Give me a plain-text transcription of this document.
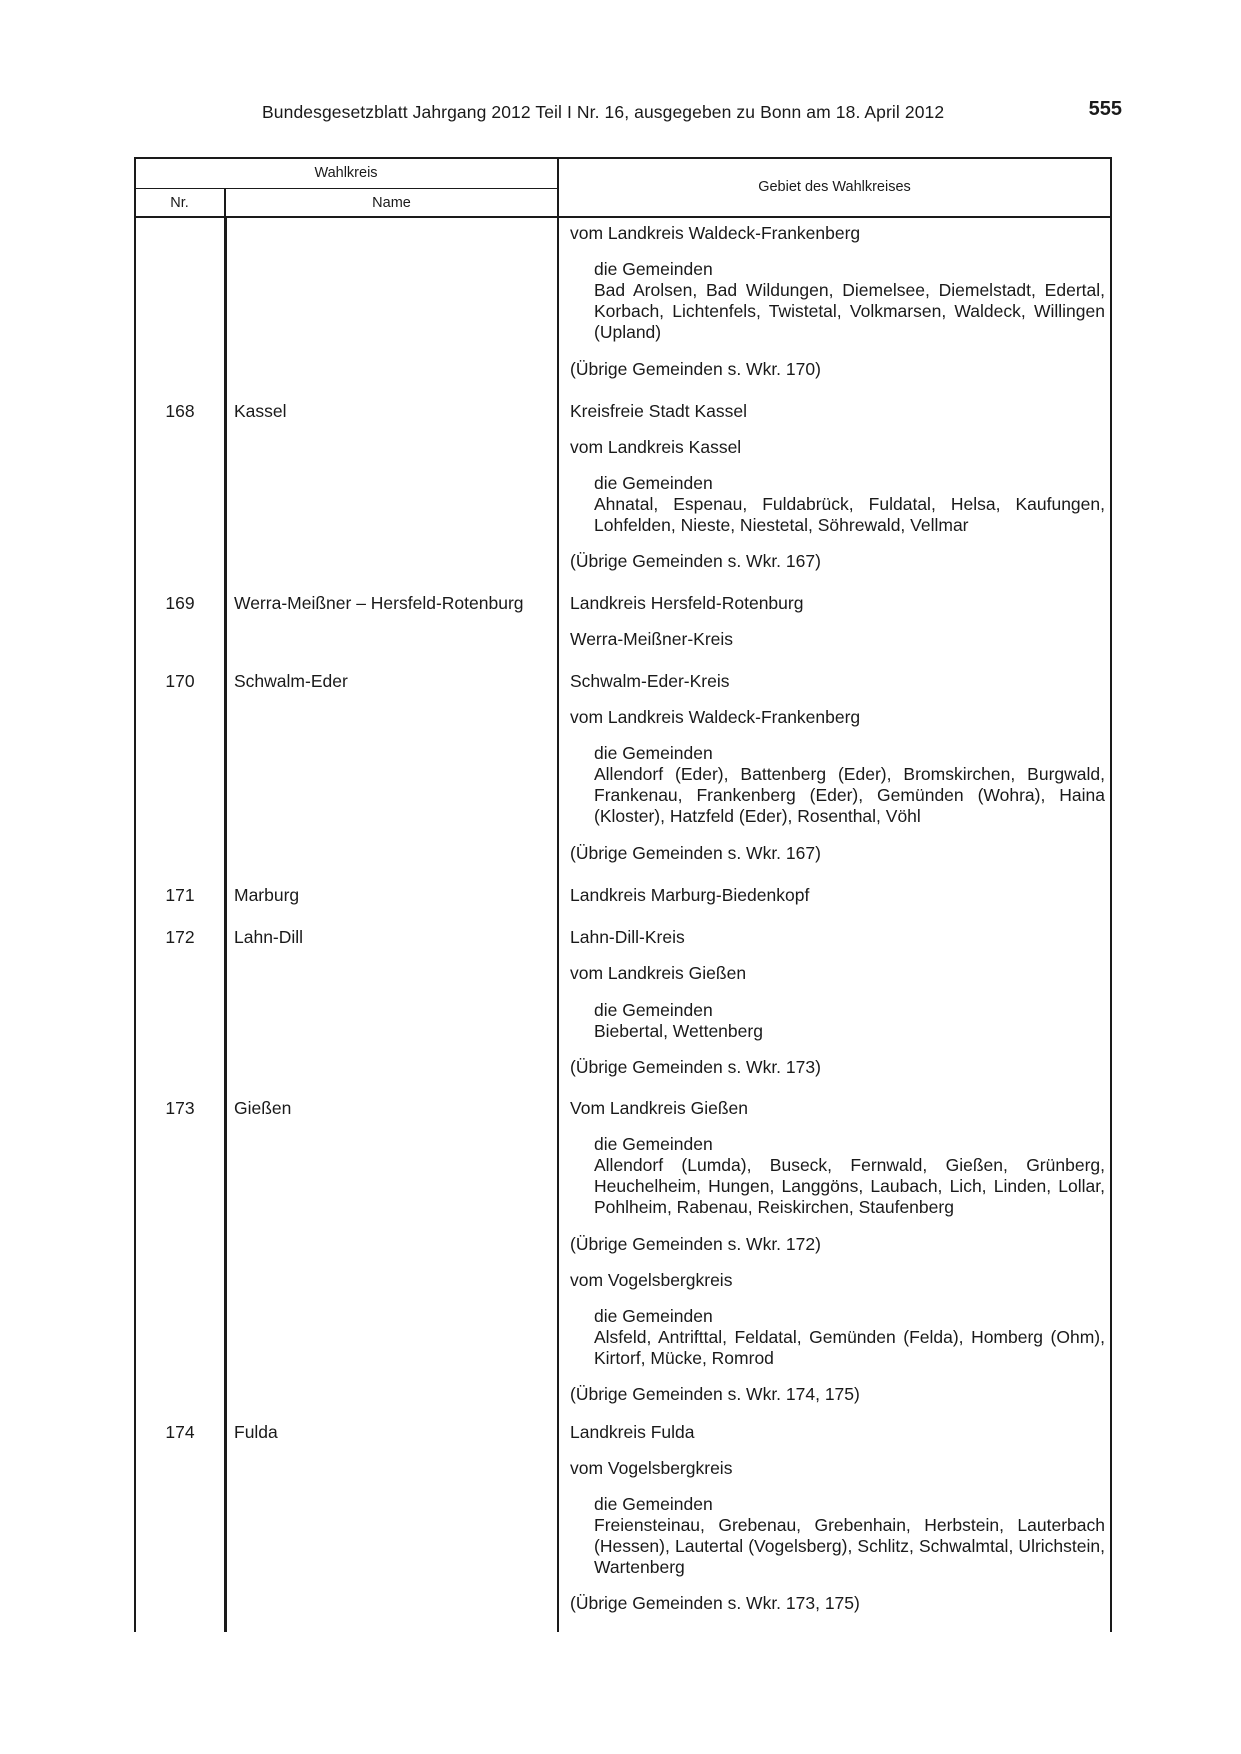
Bundesgesetzblatt Jahrgang 2012 Teil I Nr. 16, ausgegeben zu Bonn am 18. April 2012	555
Wahlkreis
Nr.	Name
Gebiet des Wahlkreises
vom Landkreis Waldeck-Frankenberg
die Gemeinden
Bad Arolsen, Bad Wildungen, Diemelsee, Diemelstadt, Edertal, Korbach, Lichtenfels, Twistetal, Volkmarsen, Waldeck, Willingen (Upland)
(Übrige Gemeinden s. Wkr. 170)
168	Kassel	Kreisfreie Stadt Kassel
vom Landkreis Kassel
die Gemeinden
Ahnatal, Espenau, Fuldabrück, Fuldatal, Helsa, Kaufungen, Lohfelden, Nieste, Niestetal, Söhrewald, Vellmar
(Übrige Gemeinden s. Wkr. 167)
169	Werra-Meißner – Hersfeld-Rotenburg	Landkreis Hersfeld-Rotenburg
Werra-Meißner-Kreis
170	Schwalm-Eder	Schwalm-Eder-Kreis
vom Landkreis Waldeck-Frankenberg
die Gemeinden
Allendorf (Eder), Battenberg (Eder), Bromskirchen, Burgwald, Frankenau, Frankenberg (Eder), Gemünden (Wohra), Haina (Kloster), Hatzfeld (Eder), Rosenthal, Vöhl
(Übrige Gemeinden s. Wkr. 167)
171	Marburg	Landkreis Marburg-Biedenkopf
172	Lahn-Dill	Lahn-Dill-Kreis
vom Landkreis Gießen
die Gemeinden
Biebertal, Wettenberg
(Übrige Gemeinden s. Wkr. 173)
173	Gießen	Vom Landkreis Gießen
die Gemeinden
Allendorf (Lumda), Buseck, Fernwald, Gießen, Grünberg, Heuchelheim, Hungen, Langgöns, Laubach, Lich, Linden, Lollar, Pohlheim, Rabenau, Reiskirchen, Staufenberg
(Übrige Gemeinden s. Wkr. 172)
vom Vogelsbergkreis
die Gemeinden
Alsfeld, Antrifttal, Feldatal, Gemünden (Felda), Homberg (Ohm), Kirtorf, Mücke, Romrod
(Übrige Gemeinden s. Wkr. 174, 175)
174	Fulda	Landkreis Fulda
vom Vogelsbergkreis
die Gemeinden
Freiensteinau, Grebenau, Grebenhain, Herbstein, Lauterbach (Hessen), Lautertal (Vogelsberg), Schlitz, Schwalmtal, Ulrichstein, Wartenberg
(Übrige Gemeinden s. Wkr. 173, 175)
